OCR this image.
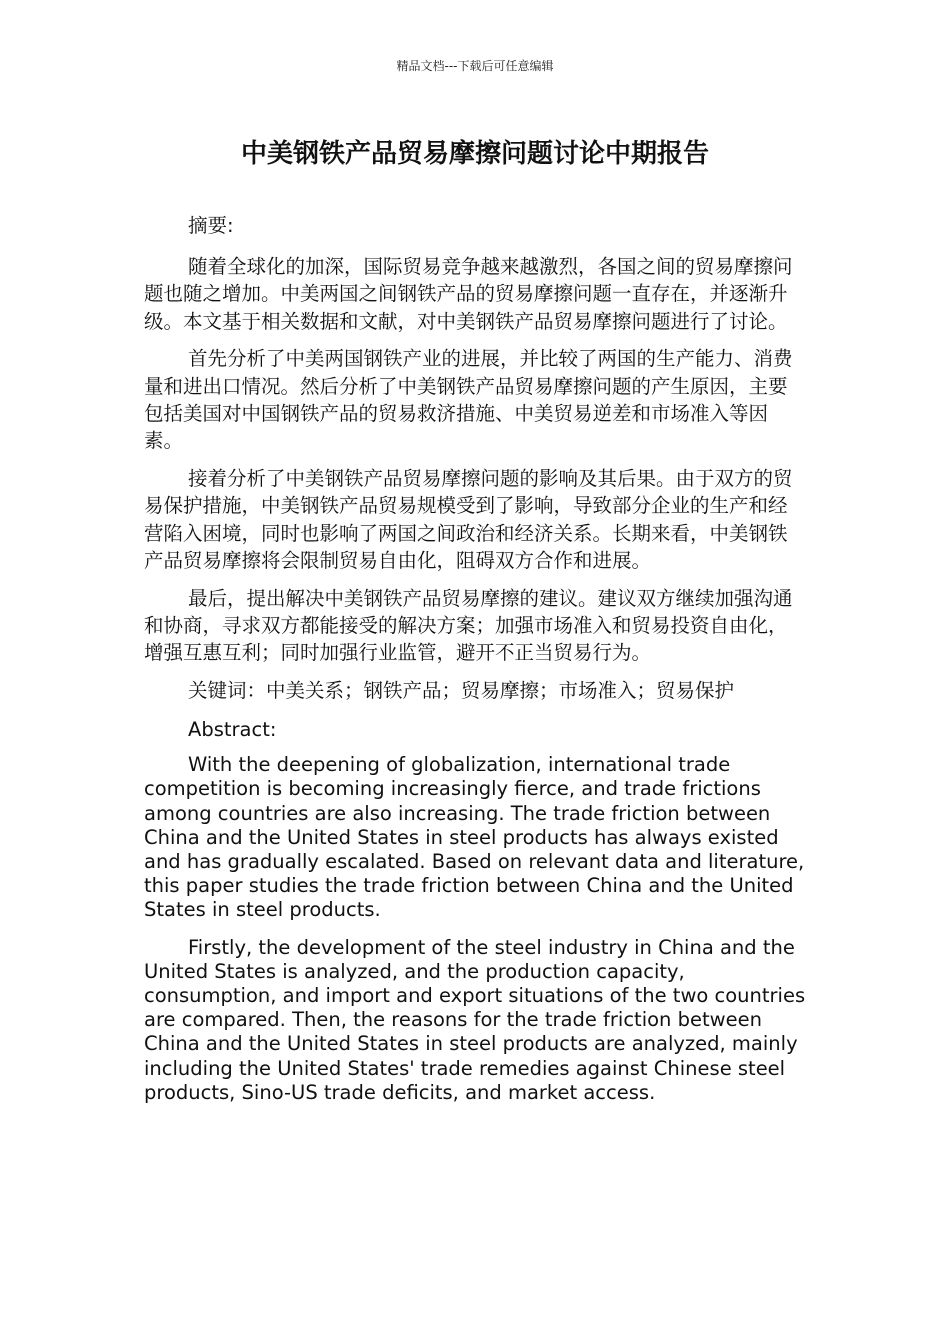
精品文档---下载后可任意编辑
中美钢铁产品贸易摩擦问题讨论中期报告

摘要:

随着全球化的加深，国际贸易竞争越来越激烈，各国之间的贸易摩擦问题也随之增加。中美两国之间钢铁产品的贸易摩擦问题一直存在，并逐渐升级。本文基于相关数据和文献，对中美钢铁产品贸易摩擦问题进行了讨论。

首先分析了中美两国钢铁产业的进展，并比较了两国的生产能力、消费量和进出口情况。然后分析了中美钢铁产品贸易摩擦问题的产生原因，主要包括美国对中国钢铁产品的贸易救济措施、中美贸易逆差和市场准入等因素。

接着分析了中美钢铁产品贸易摩擦问题的影响及其后果。由于双方的贸易保护措施，中美钢铁产品贸易规模受到了影响，导致部分企业的生产和经营陷入困境，同时也影响了两国之间政治和经济关系。长期来看，中美钢铁产品贸易摩擦将会限制贸易自由化，阻碍双方合作和进展。

最后，提出解决中美钢铁产品贸易摩擦的建议。建议双方继续加强沟通和协商，寻求双方都能接受的解决方案；加强市场准入和贸易投资自由化，增强互惠互利；同时加强行业监管，避开不正当贸易行为。

关键词：中美关系；钢铁产品；贸易摩擦；市场准入；贸易保护

Abstract:

With the deepening of globalization, international trade competition is becoming increasingly fierce, and trade frictions among countries are also increasing. The trade friction between China and the United States in steel products has always existed and has gradually escalated. Based on relevant data and literature, this paper studies the trade friction between China and the United States in steel products.

Firstly, the development of the steel industry in China and the United States is analyzed, and the production capacity, consumption, and import and export situations of the two countries are compared. Then, the reasons for the trade friction between China and the United States in steel products are analyzed, mainly including the United States' trade remedies against Chinese steel products, Sino-US trade deficits, and market access.
